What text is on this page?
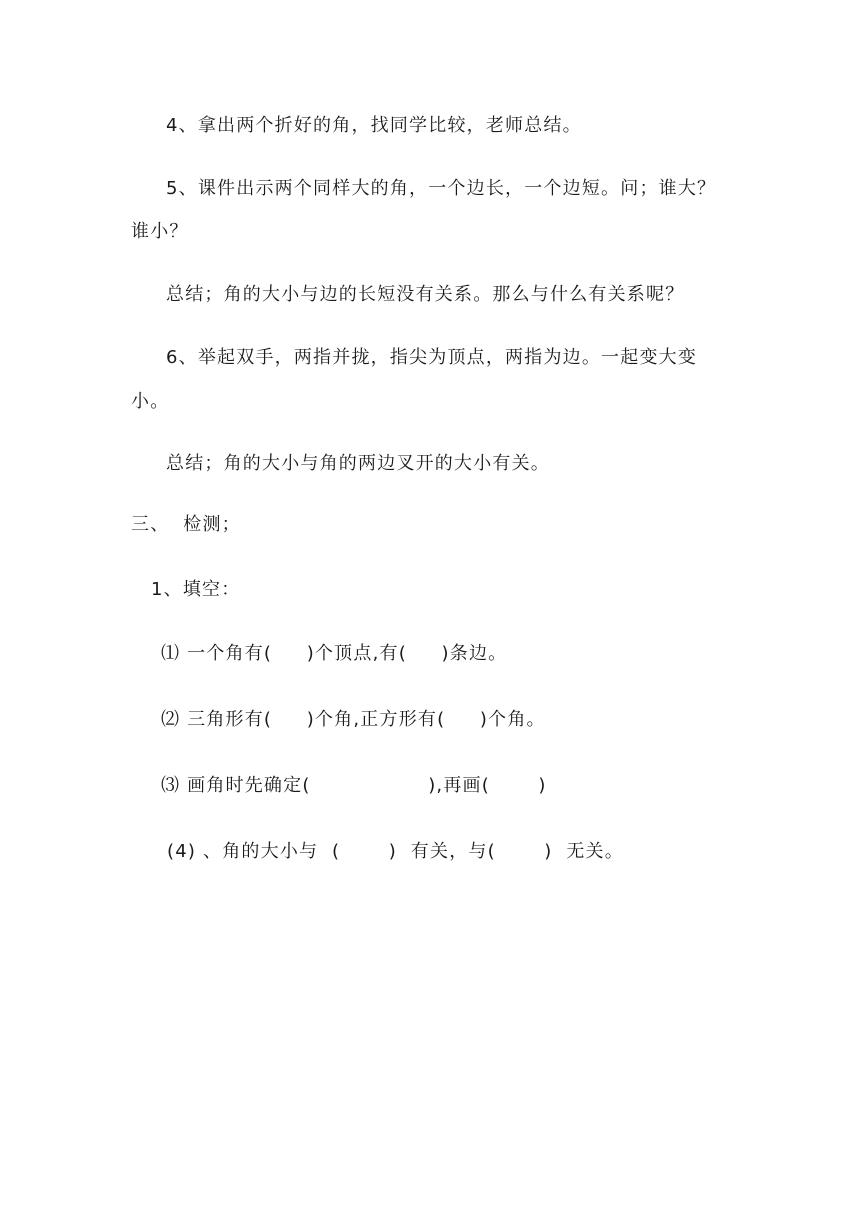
4、拿出两个折好的角，找同学比较，老师总结。
5、课件出示两个同样大的角，一个边长，一个边短。问；谁大？
谁小？
总结；角的大小与边的长短没有关系。那么与什么有关系呢？
6、举起双手，两指并拢，指尖为顶点，两指为边。一起变大变
小。
总结；角的大小与角的两边叉开的大小有关。
三、  检测；
1、填空：
⑴ 一个角有(     )个顶点,有(     )条边。
⑵ 三角形有(     )个角,正方形有(     )个角。
⑶ 画角时先确定(                 ),再画(       )
(4) 、角的大小与  (       )  有关，与(       )  无关。
